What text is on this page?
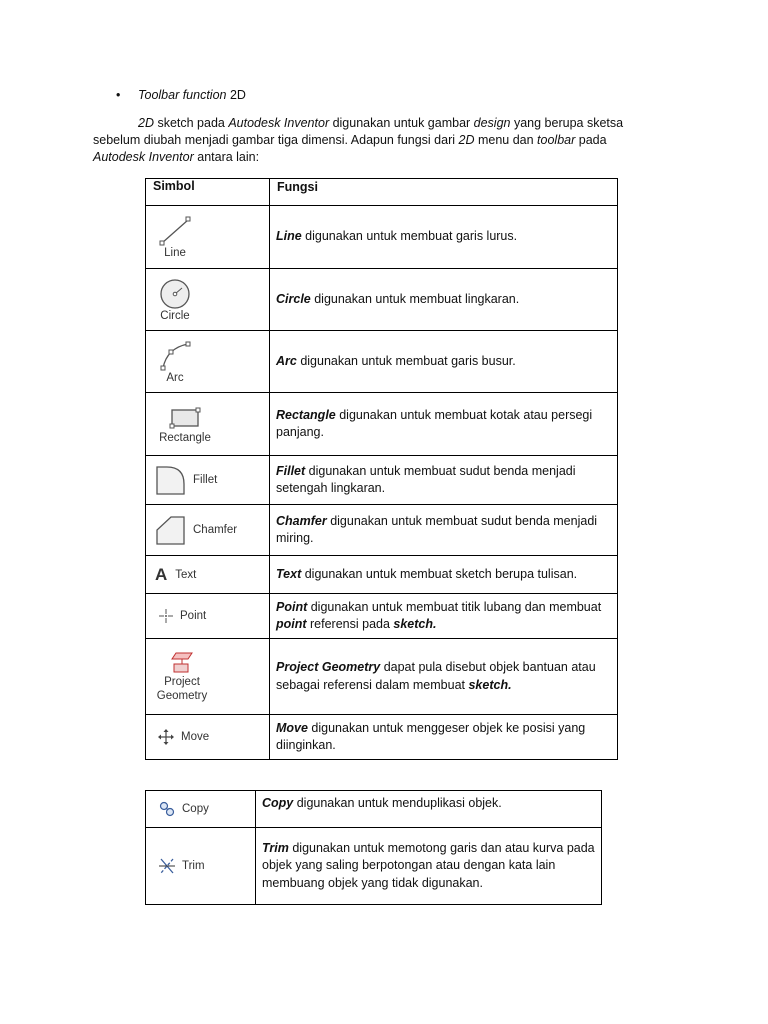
• Toolbar function 2D
2D sketch pada Autodesk Inventor digunakan untuk gambar design yang berupa sketsa sebelum diubah menjadi gambar tiga dimensi. Adapun fungsi dari 2D menu dan toolbar pada Autodesk Inventor antara lain:
Simbol	Fungsi

Line	Line digunakan untuk membuat garis lurus.

Circle	Circle digunakan untuk membuat lingkaran.

Arc	Arc digunakan untuk membuat garis busur.

Rectangle	Rectangle digunakan untuk membuat kotak atau persegi panjang.

Fillet	Fillet digunakan untuk membuat sudut benda menjadi setengah lingkaran.

Chamfer	Chamfer digunakan untuk membuat sudut benda menjadi miring.

A Text	Text digunakan untuk membuat sketch berupa tulisan.

Point	Point digunakan untuk membuat titik lubang dan membuat point referensi pada sketch.

Project
Geometry	Project Geometry dapat pula disebut objek bantuan atau sebagai referensi dalam membuat sketch.

Move	Move digunakan untuk menggeser objek ke posisi yang diinginkan.
Copy	Copy digunakan untuk menduplikasi objek.

Trim	Trim digunakan untuk memotong garis dan atau kurva pada objek yang saling berpotongan atau dengan kata lain membuang objek yang tidak digunakan.
